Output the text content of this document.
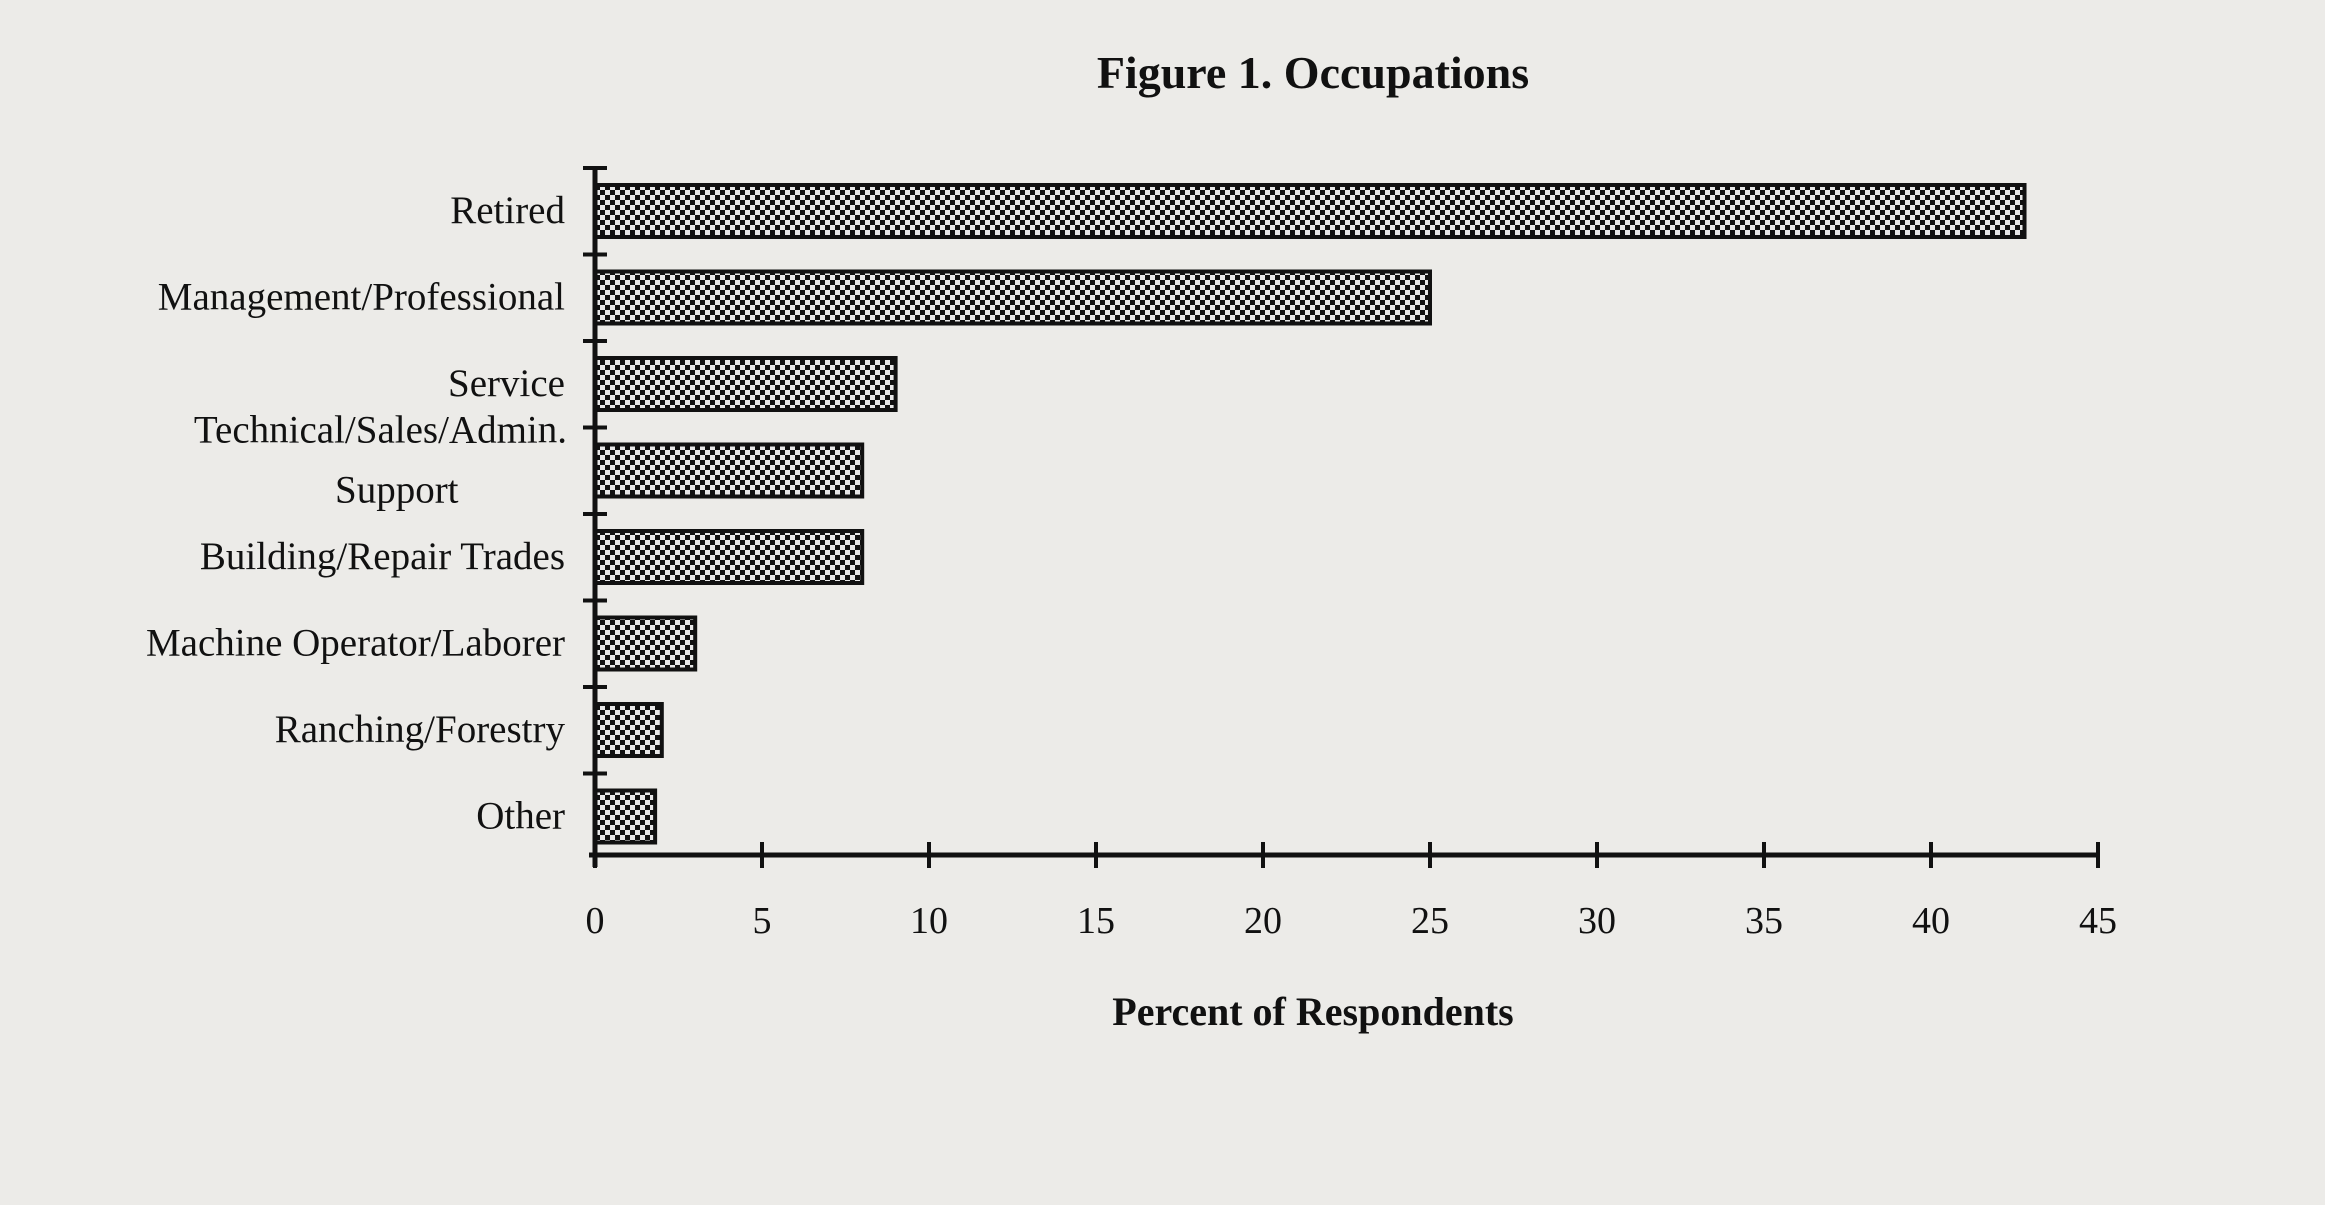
Figure 1. Occupations
0	5	10	15	20	25	30	35	40	45
Retired
Management/Professional
Service
Technical/Sales/Admin.
Support
Building/Repair Trades
Machine Operator/Laborer
Ranching/Forestry
Other
Percent of Respondents
